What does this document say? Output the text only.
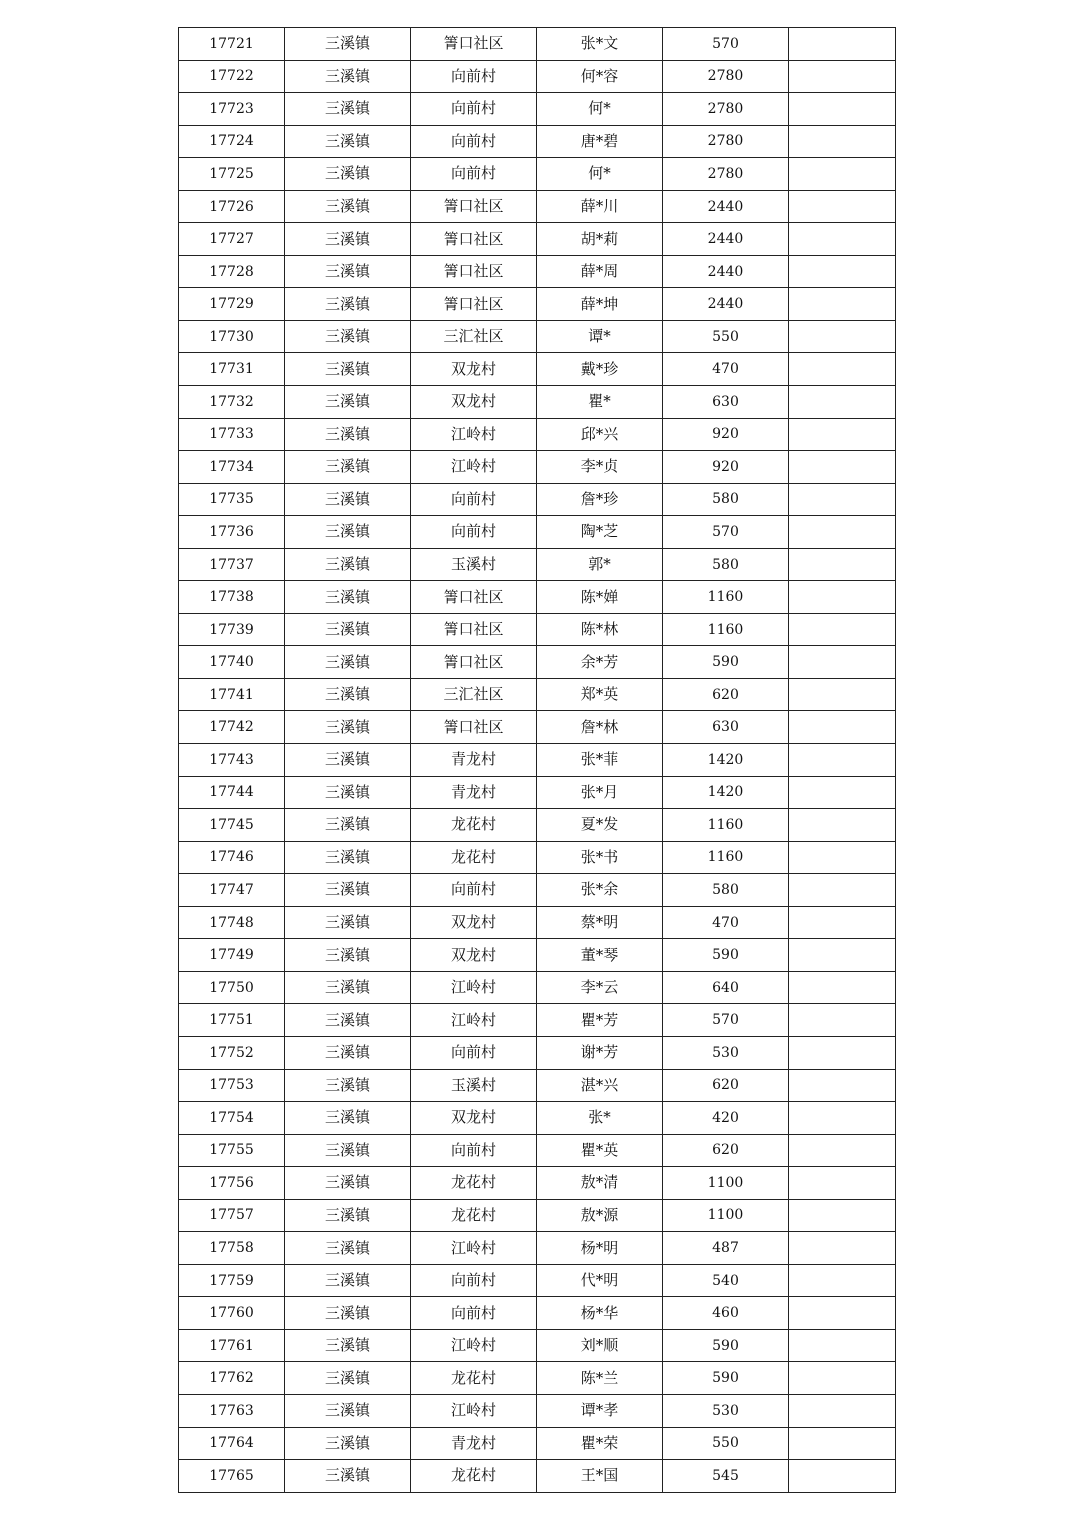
17721	三溪镇	箐口社区	张*文	570	
17722	三溪镇	向前村	何*容	2780	
17723	三溪镇	向前村	何*	2780	
17724	三溪镇	向前村	唐*碧	2780	
17725	三溪镇	向前村	何*	2780	
17726	三溪镇	箐口社区	薛*川	2440	
17727	三溪镇	箐口社区	胡*莉	2440	
17728	三溪镇	箐口社区	薛*周	2440	
17729	三溪镇	箐口社区	薛*坤	2440	
17730	三溪镇	三汇社区	谭*	550	
17731	三溪镇	双龙村	戴*珍	470	
17732	三溪镇	双龙村	瞿*	630	
17733	三溪镇	江岭村	邱*兴	920	
17734	三溪镇	江岭村	李*贞	920	
17735	三溪镇	向前村	詹*珍	580	
17736	三溪镇	向前村	陶*芝	570	
17737	三溪镇	玉溪村	郭*	580	
17738	三溪镇	箐口社区	陈*婵	1160	
17739	三溪镇	箐口社区	陈*林	1160	
17740	三溪镇	箐口社区	余*芳	590	
17741	三溪镇	三汇社区	郑*英	620	
17742	三溪镇	箐口社区	詹*林	630	
17743	三溪镇	青龙村	张*菲	1420	
17744	三溪镇	青龙村	张*月	1420	
17745	三溪镇	龙花村	夏*发	1160	
17746	三溪镇	龙花村	张*书	1160	
17747	三溪镇	向前村	张*余	580	
17748	三溪镇	双龙村	蔡*明	470	
17749	三溪镇	双龙村	董*琴	590	
17750	三溪镇	江岭村	李*云	640	
17751	三溪镇	江岭村	瞿*芳	570	
17752	三溪镇	向前村	谢*芳	530	
17753	三溪镇	玉溪村	湛*兴	620	
17754	三溪镇	双龙村	张*	420	
17755	三溪镇	向前村	瞿*英	620	
17756	三溪镇	龙花村	敖*清	1100	
17757	三溪镇	龙花村	敖*源	1100	
17758	三溪镇	江岭村	杨*明	487	
17759	三溪镇	向前村	代*明	540	
17760	三溪镇	向前村	杨*华	460	
17761	三溪镇	江岭村	刘*顺	590	
17762	三溪镇	龙花村	陈*兰	590	
17763	三溪镇	江岭村	谭*孝	530	
17764	三溪镇	青龙村	瞿*荣	550	
17765	三溪镇	龙花村	王*国	545	
